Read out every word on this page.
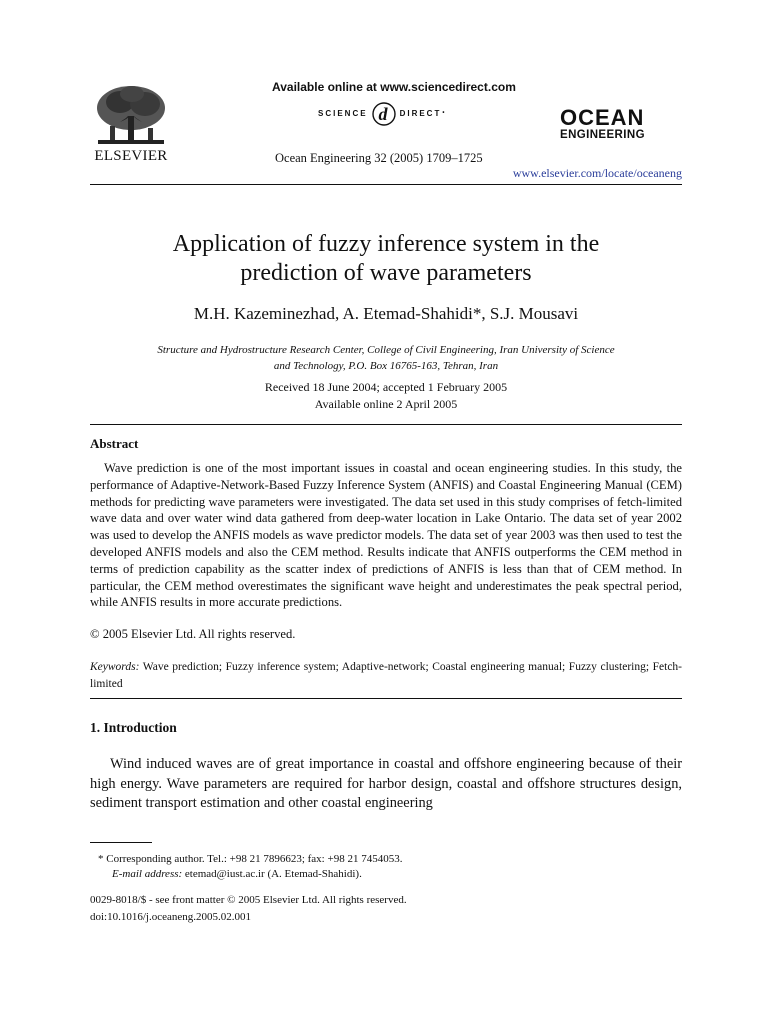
ELSEVIER
Available online at www.sciencedirect.com
SCIENCE d DIRECT •
Ocean Engineering 32 (2005) 1709–1725
OCEAN
ENGINEERING
www.elsevier.com/locate/oceaneng
Application of fuzzy inference system in the
prediction of wave parameters
M.H. Kazeminezhad, A. Etemad-Shahidi*, S.J. Mousavi
Structure and Hydrostructure Research Center, College of Civil Engineering, Iran University of Science
and Technology, P.O. Box 16765-163, Tehran, Iran
Received 18 June 2004; accepted 1 February 2005
Available online 2 April 2005
Abstract
Wave prediction is one of the most important issues in coastal and ocean engineering studies. In this study, the performance of Adaptive-Network-Based Fuzzy Inference System (ANFIS) and Coastal Engineering Manual (CEM) methods for predicting wave parameters were investigated. The data set used in this study comprises of fetch-limited wave data and over water wind data gathered from deep-water location in Lake Ontario. The data set of year 2002 was used to develop the ANFIS models as wave predictor models. The data set of year 2003 was then used to test the developed ANFIS models and also the CEM method. Results indicate that ANFIS outperforms the CEM method in terms of prediction capability as the scatter index of predictions of ANFIS is less than that of CEM method. In particular, the CEM method overestimates the significant wave height and underestimates the peak spectral period, while ANFIS results in more accurate predictions.
© 2005 Elsevier Ltd. All rights reserved.
Keywords: Wave prediction; Fuzzy inference system; Adaptive-network; Coastal engineering manual; Fuzzy clustering; Fetch-limited
1. Introduction
Wind induced waves are of great importance in coastal and offshore engineering because of their high energy. Wave parameters are required for harbor design, coastal and offshore structures design, sediment transport estimation and other coastal engineering
* Corresponding author. Tel.: +98 21 7896623; fax: +98 21 7454053.
E-mail address: etemad@iust.ac.ir (A. Etemad-Shahidi).
0029-8018/$ - see front matter © 2005 Elsevier Ltd. All rights reserved.
doi:10.1016/j.oceaneng.2005.02.001
